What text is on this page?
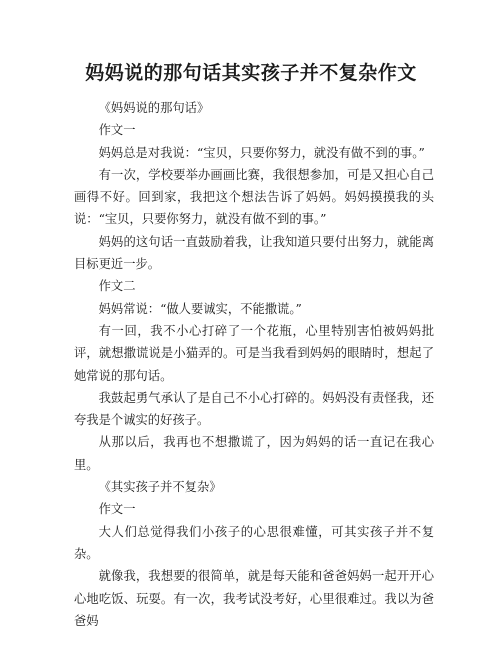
妈妈说的那句话其实孩子并不复杂作文

《妈妈说的那句话》

作文一

妈妈总是对我说：“宝贝，只要你努力，就没有做不到的事。”

有一次，学校要举办画画比赛，我很想参加，可是又担心自己画得不好。回到家，我把这个想法告诉了妈妈。妈妈摸摸我的头说：“宝贝，只要你努力，就没有做不到的事。”

妈妈的这句话一直鼓励着我，让我知道只要付出努力，就能离目标更近一步。

作文二

妈妈常说：“做人要诚实，不能撒谎。”

有一回，我不小心打碎了一个花瓶，心里特别害怕被妈妈批评，就想撒谎说是小猫弄的。可是当我看到妈妈的眼睛时，想起了她常说的那句话。

我鼓起勇气承认了是自己不小心打碎的。妈妈没有责怪我，还夸我是个诚实的好孩子。

从那以后，我再也不想撒谎了，因为妈妈的话一直记在我心里。

《其实孩子并不复杂》

作文一

大人们总觉得我们小孩子的心思很难懂，可其实孩子并不复杂。

就像我，我想要的很简单，就是每天能和爸爸妈妈一起开开心心地吃饭、玩耍。有一次，我考试没考好，心里很难过。我以为爸爸妈
